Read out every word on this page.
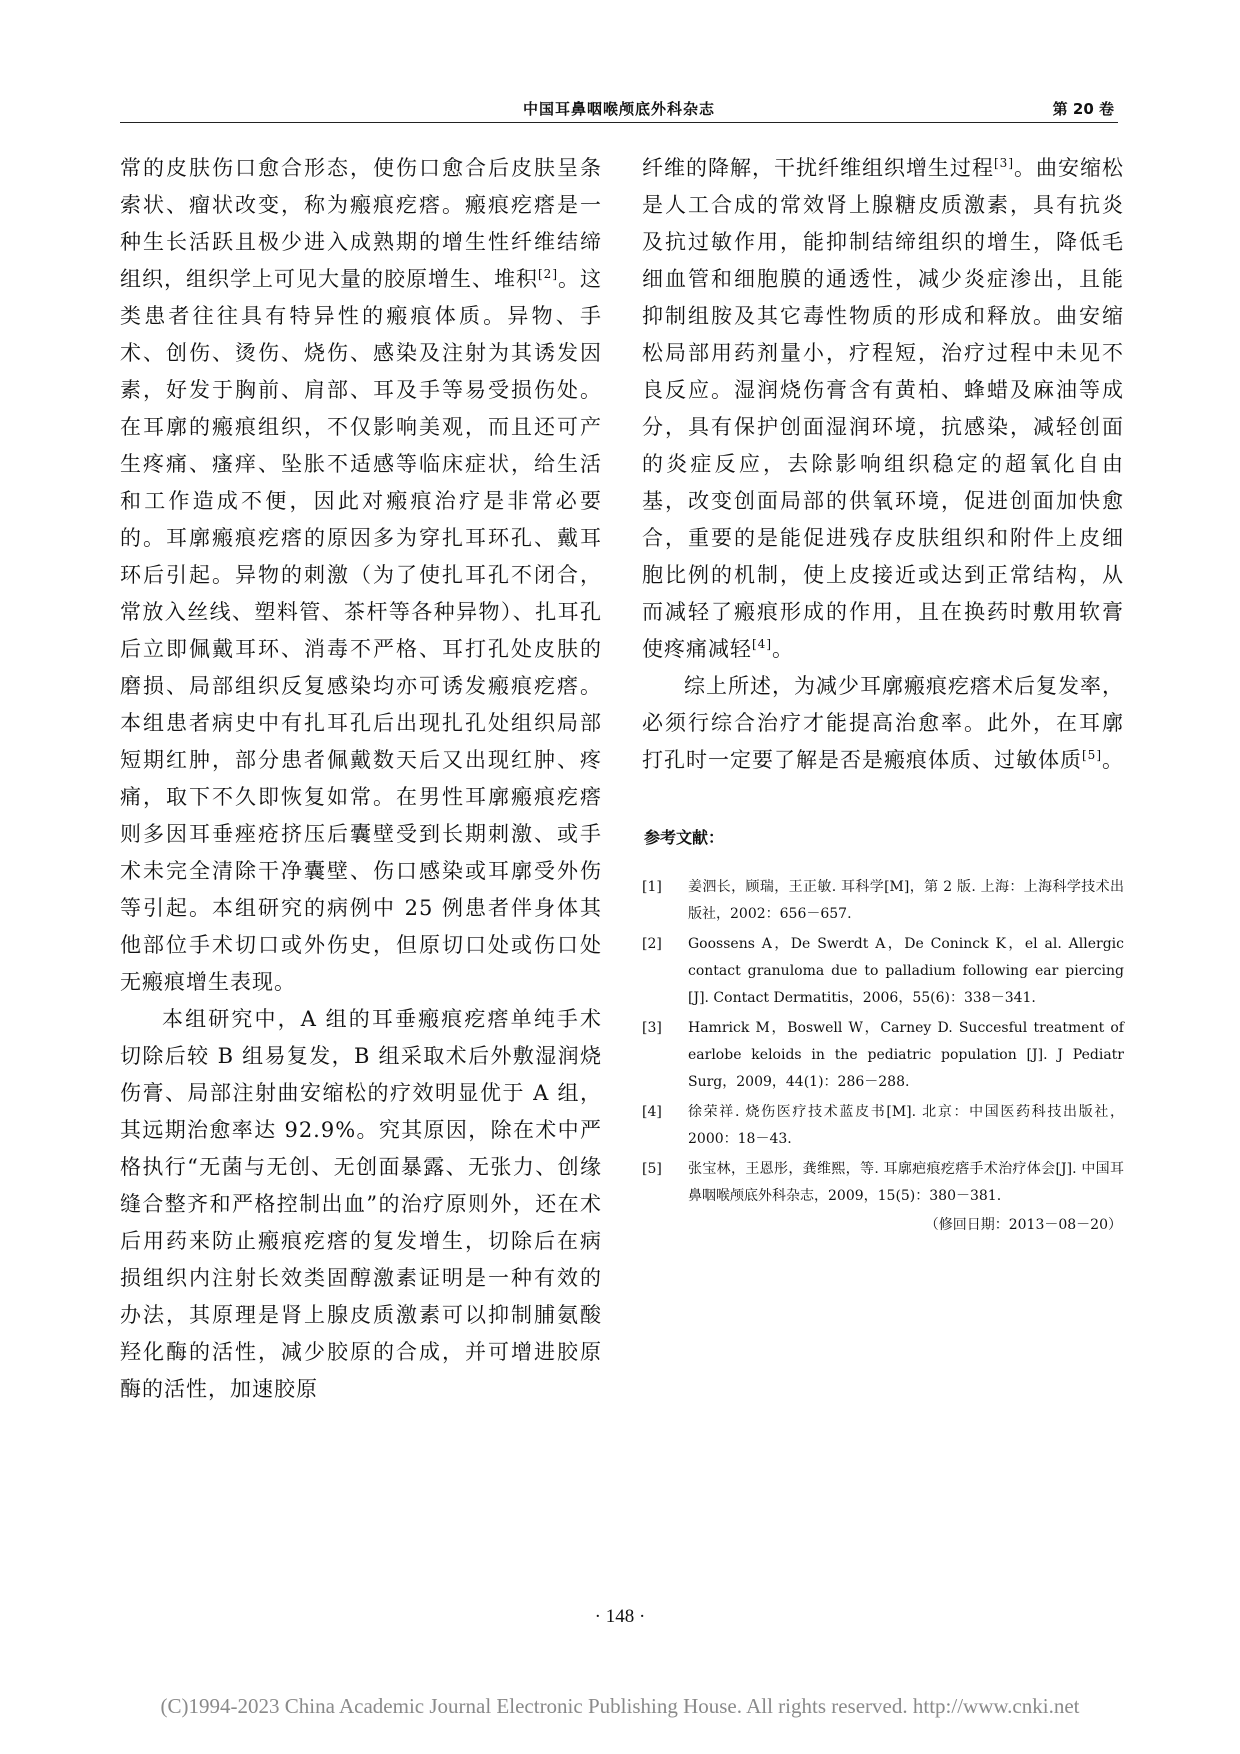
中国耳鼻咽喉颅底外科杂志	第 20 卷

常的皮肤伤口愈合形态，使伤口愈合后皮肤呈条索状、瘤状改变，称为瘢痕疙瘩。瘢痕疙瘩是一种生长活跃且极少进入成熟期的增生性纤维结缔组织，组织学上可见大量的胶原增生、堆积[2]。这类患者往往具有特异性的瘢痕体质。异物、手术、创伤、烫伤、烧伤、感染及注射为其诱发因素，好发于胸前、肩部、耳及手等易受损伤处。在耳廓的瘢痕组织，不仅影响美观，而且还可产生疼痛、瘙痒、坠胀不适感等临床症状，给生活和工作造成不便，因此对瘢痕治疗是非常必要的。耳廓瘢痕疙瘩的原因多为穿扎耳环孔、戴耳环后引起。异物的刺激（为了使扎耳孔不闭合，常放入丝线、塑料管、茶杆等各种异物）、扎耳孔后立即佩戴耳环、消毒不严格、耳打孔处皮肤的磨损、局部组织反复感染均亦可诱发瘢痕疙瘩。本组患者病史中有扎耳孔后出现扎孔处组织局部短期红肿，部分患者佩戴数天后又出现红肿、疼痛，取下不久即恢复如常。在男性耳廓瘢痕疙瘩则多因耳垂痤疮挤压后囊壁受到长期刺激、或手术未完全清除干净囊壁、伤口感染或耳廓受外伤等引起。本组研究的病例中 25 例患者伴身体其他部位手术切口或外伤史，但原切口处或伤口处无瘢痕增生表现。

本组研究中，A 组的耳垂瘢痕疙瘩单纯手术切除后较 B 组易复发，B 组采取术后外敷湿润烧伤膏、局部注射曲安缩松的疗效明显优于 A 组，其远期治愈率达 92.9%。究其原因，除在术中严格执行“无菌与无创、无创面暴露、无张力、创缘缝合整齐和严格控制出血”的治疗原则外，还在术后用药来防止瘢痕疙瘩的复发增生，切除后在病损组织内注射长效类固醇激素证明是一种有效的办法，其原理是肾上腺皮质激素可以抑制脯氨酸羟化酶的活性，减少胶原的合成，并可增进胶原酶的活性，加速胶原

纤维的降解，干扰纤维组织增生过程[3]。曲安缩松是人工合成的常效肾上腺糖皮质激素，具有抗炎及抗过敏作用，能抑制结缔组织的增生，降低毛细血管和细胞膜的通透性，减少炎症渗出，且能抑制组胺及其它毒性物质的形成和释放。曲安缩松局部用药剂量小，疗程短，治疗过程中未见不良反应。湿润烧伤膏含有黄柏、蜂蜡及麻油等成分，具有保护创面湿润环境，抗感染，减轻创面的炎症反应，去除影响组织稳定的超氧化自由基，改变创面局部的供氧环境，促进创面加快愈合，重要的是能促进残存皮肤组织和附件上皮细胞比例的机制，使上皮接近或达到正常结构，从而减轻了瘢痕形成的作用，且在换药时敷用软膏使疼痛减轻[4]。

综上所述，为减少耳廓瘢痕疙瘩术后复发率，必须行综合治疗才能提高治愈率。此外，在耳廓打孔时一定要了解是否是瘢痕体质、过敏体质[5]。

参考文献：
[1]	姜泗长，顾瑞，王正敏. 耳科学[M]，第 2 版. 上海：上海科学技术出版社，2002：656－657.
[2]	Goossens A，De Swerdt A，De Coninck K，el al. Allergic contact granuloma due to palladium following ear piercing [J]. Contact Dermatitis，2006，55(6)：338－341.
[3]	Hamrick M，Boswell W，Carney D. Succesful treatment of earlobe keloids in the pediatric population [J]. J Pediatr Surg，2009，44(1)：286－288.
[4]	徐荣祥. 烧伤医疗技术蓝皮书[M]. 北京：中国医药科技出版社，2000：18－43.
[5]	张宝林，王恩彤，龚维熙，等. 耳廓疤痕疙瘩手术治疗体会[J]. 中国耳鼻咽喉颅底外科杂志，2009，15(5)：380－381.
（修回日期：2013－08－20）
· 148 ·
(C)1994-2023 China Academic Journal Electronic Publishing House. All rights reserved. http://www.cnki.net
